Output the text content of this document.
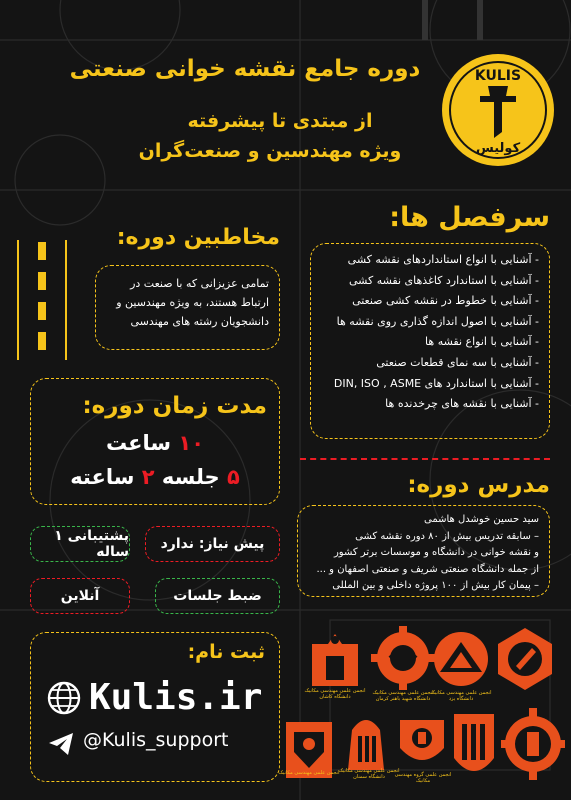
KULIS
کولیس
دوره جامع نقشه خوانی صنعتی
از مبتدی تا پیشرفته
ویژه مهندسین و صنعت‌گران
سرفصل ها:
- آشنایی با انواع استانداردهای نقشه کشی
- آشنایی با استاندارد کاغذهای نقشه کشی
- آشنایی با خطوط در نقشه کشی صنعتی
- آشنایی با اصول اندازه گذاری روی نقشه ها
- آشنایی با انواع نقشه ها
- آشنایی با سه نمای قطعات صنعتی
- آشنایی با استاندارد های DIN, ISO , ASME
- آشنایی با نقشه های چرخدنده ها
مخاطبین دوره:
تمامی عزیزانی که با صنعت در ارتباط هستند، به ویژه مهندسین و دانشجویان رشته های مهندسی
مدت زمان دوره:
۱۰ ساعت
۵ جلسه ۲ ساعته
پیش نیاز: ندارد
پشتیبانی ۱ ساله
ضبط جلسات
آنلاین
مدرس دوره:
سید حسین خوشدل هاشمی
– سابقه تدریس بیش از ۸۰ دوره نقشه کشی
و نقشه خوانی در دانشگاه و موسسات برتر کشور
از جمله دانشگاه صنعتی شریف و صنعتی اصفهان و ...
– پیمان کار بیش از ۱۰۰ پروژه داخلی و بین المللی
ثبت نام:
Kulis.ir
@Kulis_support
انجمن علمی مهندسی مکانیک دانشگاه کاشان
انجمن علمی مهندسی مکانیک دانشگاه شهید باهنر کرمان
انجمن علمی مهندسی مکانیک دانشگاه یزد
انجمن علمی مهندسی مکانیک انجمن علمی مهندسی مکانیک دانشگاه سمنان	انجمن علمی گروه مهندسی مکانیک
